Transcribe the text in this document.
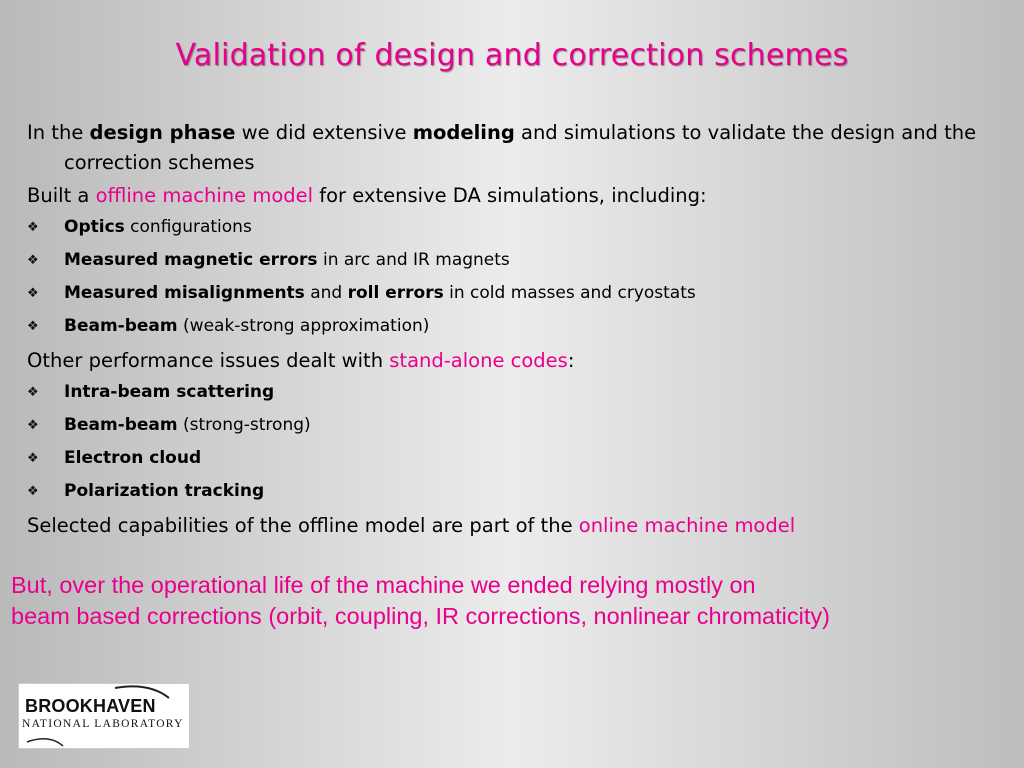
Validation of design and correction schemes
In the design phase we did extensive modeling and simulations to validate the design and the correction schemes
Built a offline machine model for extensive DA simulations, including:
❖ Optics configurations
❖ Measured magnetic errors in arc and IR magnets
❖ Measured misalignments and roll errors in cold masses and cryostats
❖ Beam-beam (weak-strong approximation)
Other performance issues dealt with stand-alone codes:
❖ Intra-beam scattering
❖ Beam-beam (strong-strong)
❖ Electron cloud
❖ Polarization tracking
Selected capabilities of the offline model are part of the online machine model
But, over the operational life of the machine we ended relying mostly on
beam based corrections (orbit, coupling, IR corrections, nonlinear chromaticity)
BROOKHAVEN
NATIONAL LABORATORY
